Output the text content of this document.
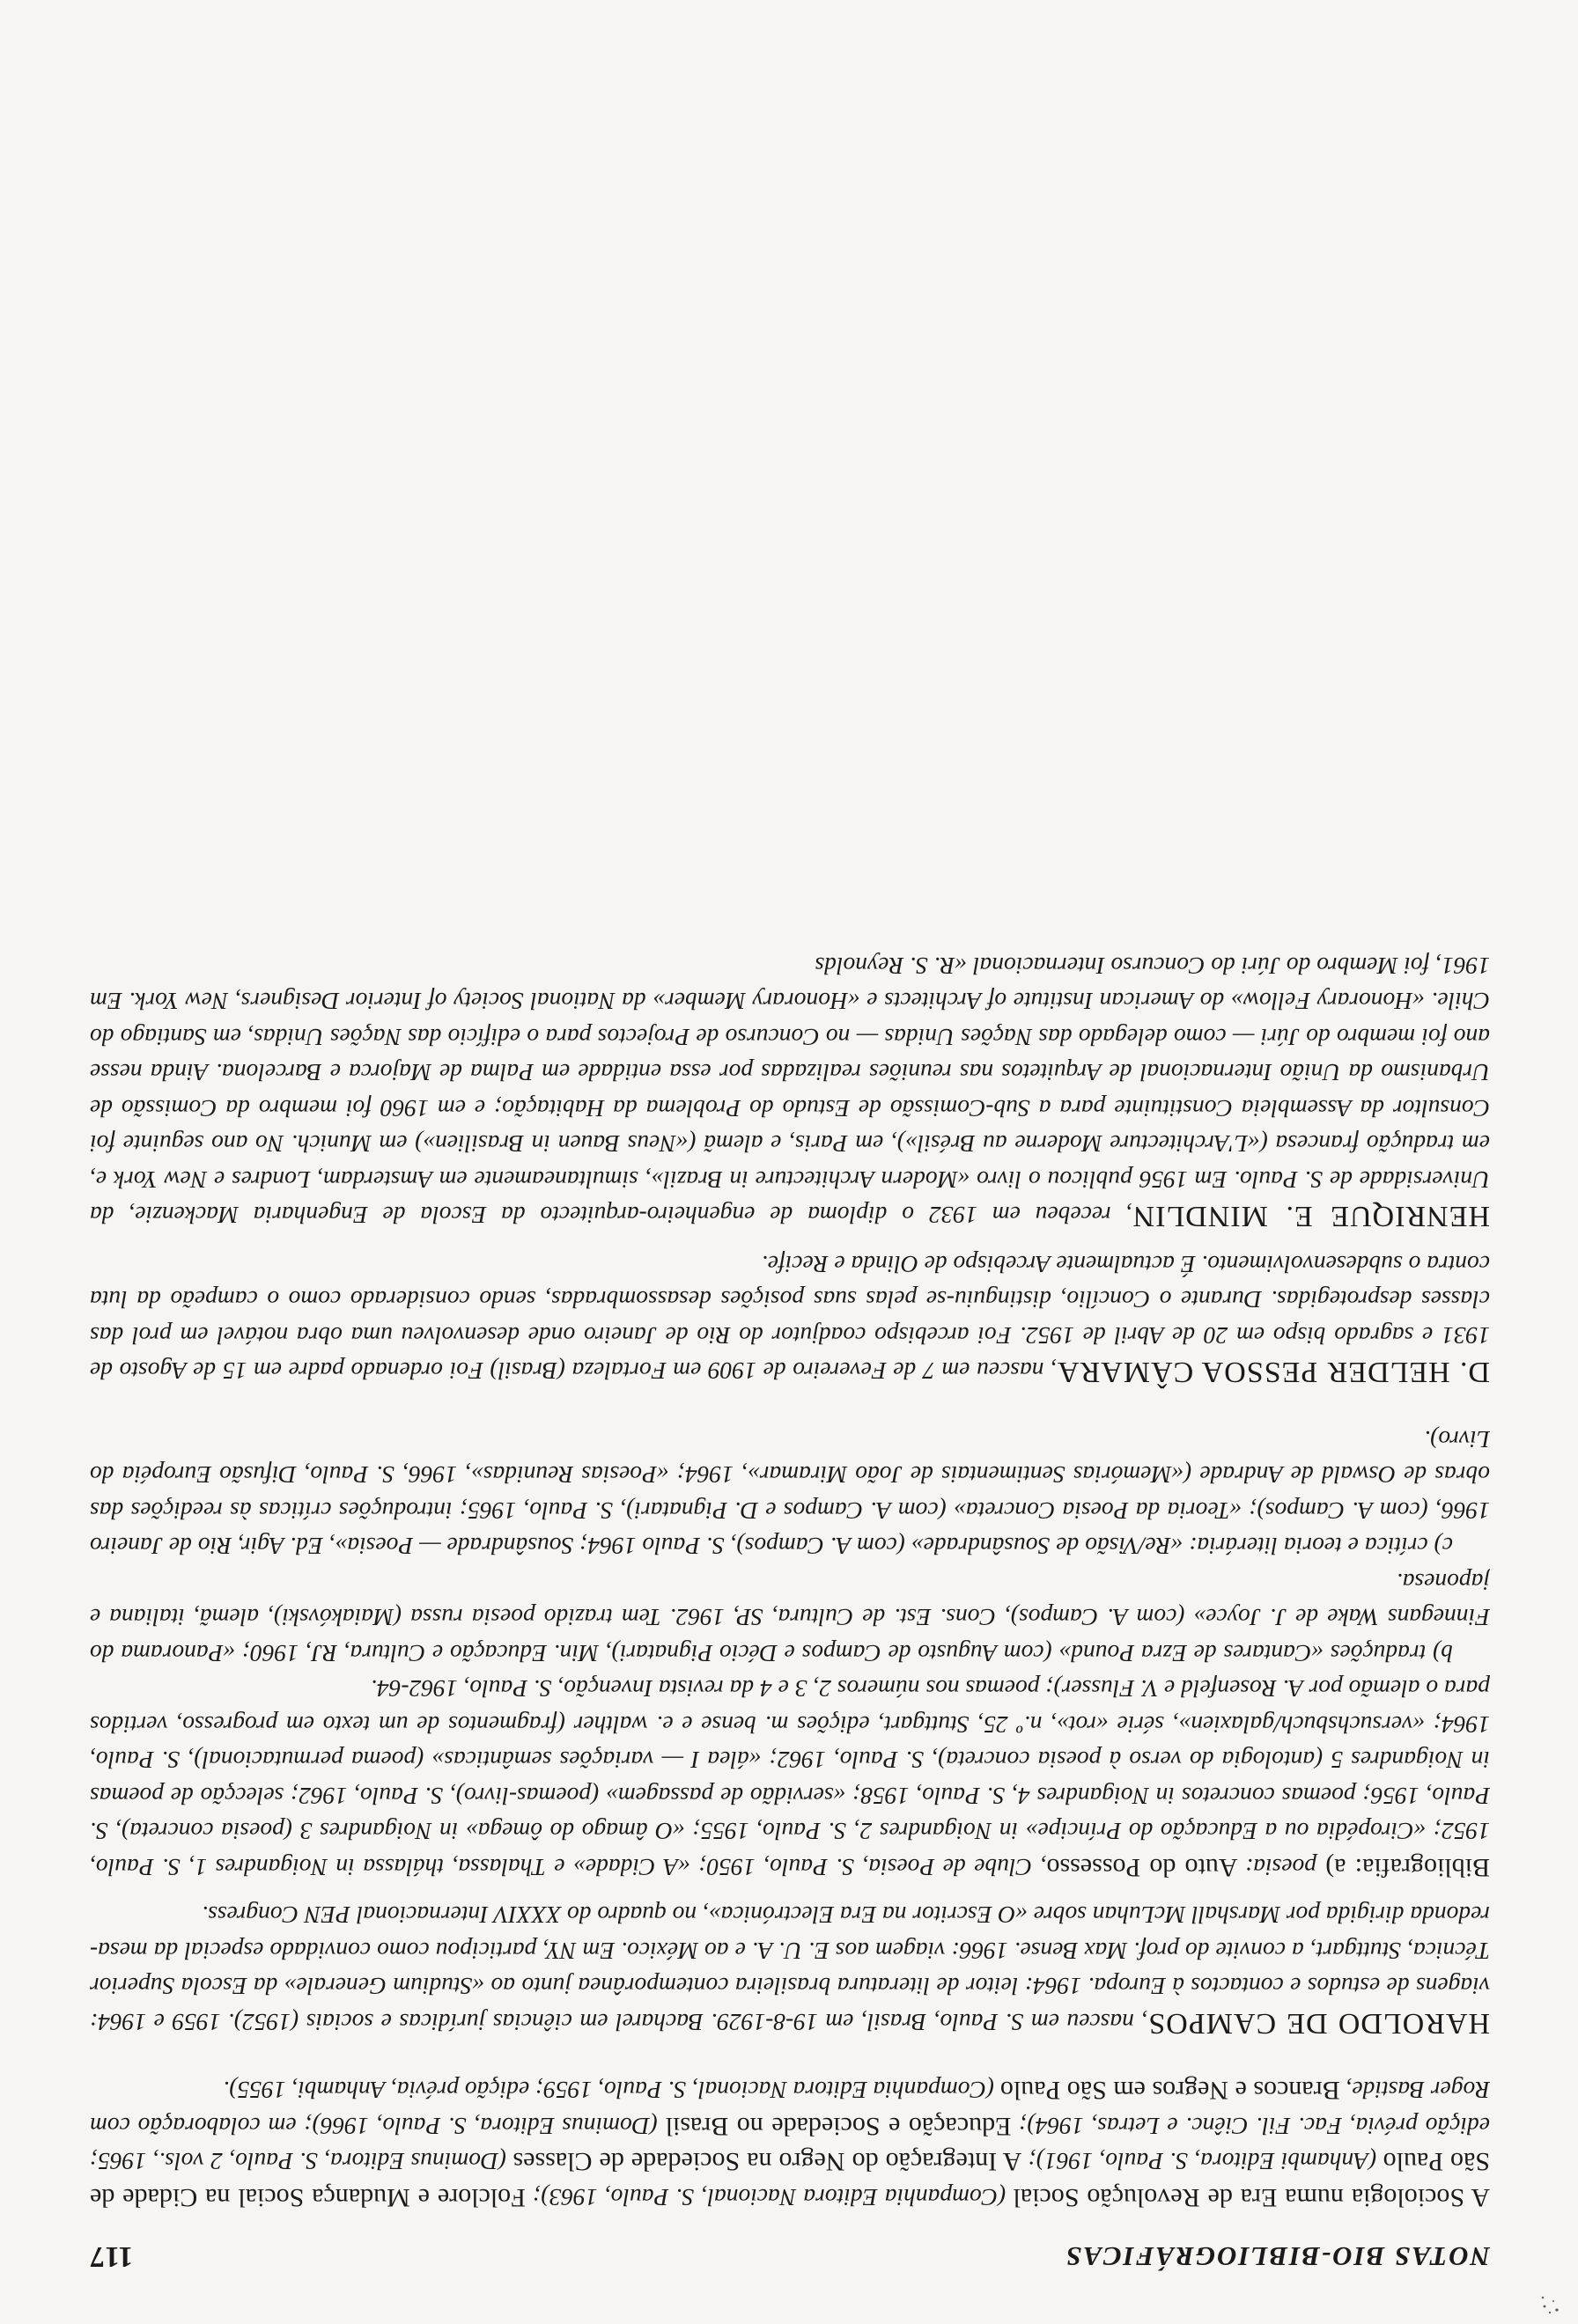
NOTAS BIO-BIBLIOGRÁFICAS
117

A Sociologia numa Era de Revolução Social (Companhia Editora Nacional, S. Paulo, 1963); Folclore e Mudança Social na Cidade de São Paulo (Anhambi Editora, S. Paulo, 1961); A Integração do Negro na Sociedade de Classes (Dominus Editora, S. Paulo, 2 vols., 1965; edição prévia, Fac. Fil. Ciênc. e Letras, 1964); Educação e Sociedade no Brasil (Dominus Editora, S. Paulo, 1966); em colaboração com Roger Bastide, Brancos e Negros em São Paulo (Companhia Editora Nacional, S. Paulo, 1959; edição prévia, Anhambi, 1955).

HAROLDO DE CAMPOS, nasceu em S. Paulo, Brasil, em 19-8-1929. Bacharel em ciências jurídicas e sociais (1952). 1959 e 1964: viagens de estudos e contactos à Europa. 1964: leitor de literatura brasileira contemporânea junto ao «Studium Generale» da Escola Superior Técnica, Stuttgart, a convite do prof. Max Bense. 1966: viagem aos E. U. A. e ao México. Em NY, participou como convidado especial da mesa-redonda dirigida por Marshall McLuhan sobre «O Escritor na Era Electrónica», no quadro do XXXIV Internacional PEN Congress.

Bibliografia: a) poesia: Auto do Possesso, Clube de Poesia, S. Paulo, 1950; «A Cidade» e Thalassa, thálassa in Noigandres 1, S. Paulo, 1952; «Ciropédia ou a Educação do Príncipe» in Noigandres 2, S. Paulo, 1955; «O âmago do ômega» in Noigandres 3 (poesia concreta), S. Paulo, 1956; poemas concretos in Noigandres 4, S. Paulo, 1958; «servidão de passagem» (poemas-livro), S. Paulo, 1962; selecção de poemas in Noigandres 5 (antologia do verso à poesia concreta), S. Paulo, 1962; «álea I — variações semânticas» (poema permutacional), S. Paulo, 1964; «versuchsbuch/galaxien», série «rot», n.º 25, Stuttgart, edições m. bense e e. walther (fragmentos de um texto em progresso, vertidos para o alemão por A. Rosenfeld e V. Flusser); poemas nos números 2, 3 e 4 da revista Invenção, S. Paulo, 1962-64.

b) traduções «Cantares de Ezra Pound» (com Augusto de Campos e Décio Pignatari), Min. Educação e Cultura, RJ, 1960; «Panorama do Finnegans Wake de J. Joyce» (com A. Campos), Cons. Est. de Cultura, SP, 1962. Tem trazido poesia russa (Maiakóvski), alemã, italiana e japonesa.

c) crítica e teoria literária: «Re/Visão de Sousândrade» (com A. Campos), S. Paulo 1964; Sousândrade — Poesia», Ed. Agir, Rio de Janeiro 1966, (com A. Campos); «Teoria da Poesia Concreta» (com A. Campos e D. Pignatari), S. Paulo, 1965; introduções críticas às reedições das obras de Oswald de Andrade («Memórias Sentimentais de João Miramar», 1964; «Poesias Reunidas», 1966, S. Paulo, Difusão Européia do Livro).

D. HELDER PESSOA CÂMARA, nasceu em 7 de Fevereiro de 1909 em Fortaleza (Brasil) Foi ordenado padre em 15 de Agosto de 1931 e sagrado bispo em 20 de Abril de 1952. Foi arcebispo coadjutor do Rio de Janeiro onde desenvolveu uma obra notável em prol das classes desprotegidas. Durante o Concílio, distinguiu-se pelas suas posições desassombradas, sendo considerado como o campeão da luta contra o subdesenvolvimento. É actualmente Arcebispo de Olinda e Recife.

HENRIQUE E. MINDLIN, recebeu em 1932 o diploma de engenheiro-arquitecto da Escola de Engenharia Mackenzie, da Universidade de S. Paulo. Em 1956 publicou o livro «Modern Architecture in Brazil», simultaneamente em Amsterdam, Londres e New York e, em tradução francesa («L'Architecture Moderne au Brésil»), em Paris, e alemã («Neus Bauen in Brasilien») em Munich. No ano seguinte foi Consultor da Assembleia Constituinte para a Sub-Comissão de Estudo do Problema da Habitação; e em 1960 foi membro da Comissão de Urbanismo da União Internacional de Arquitetos nas reuniões realizadas por essa entidade em Palma de Majorca e Barcelona. Ainda nesse ano foi membro do Júri — como delegado das Nações Unidas — no Concurso de Projectos para o edifício das Nações Unidas, em Santiago do Chile. «Honorary Fellow» do American Institute of Architects e «Honorary Member» da National Society of Interior Designers, New York. Em 1961, foi Membro do Júri do Concurso Internacional «R. S. Reynolds
